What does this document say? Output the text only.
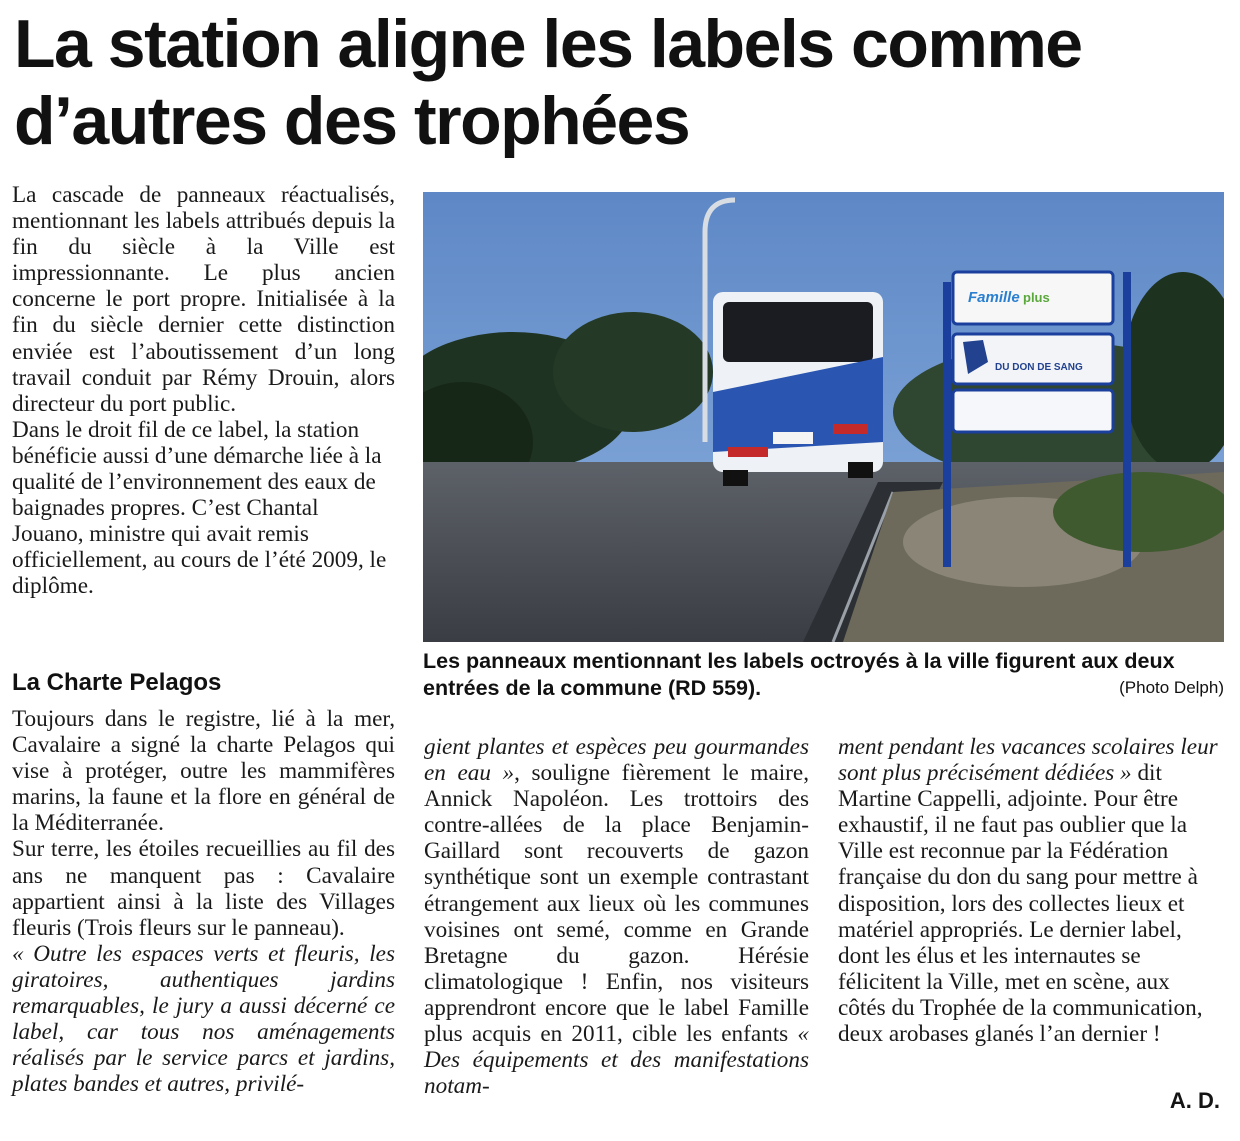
La station aligne les labels comme
d’autres des trophées

La cascade de panneaux réactualisés, mentionnant les labels attribués depuis la fin du siècle à la Ville est impressionnante. Le plus ancien concerne le port propre. Initialisée à la fin du siècle dernier cette distinction enviée est l’aboutissement d’un long travail conduit par Rémy Drouin, alors directeur du port public.

Dans le droit fil de ce label, la station bénéficie aussi d’une démarche liée à la qualité de l’environnement des eaux de baignades propres. C’est Chantal Jouano, ministre qui avait remis officiellement, au cours de l’été 2009, le diplôme.

Famille plus
DU DON DE SANG
Les panneaux mentionnant les labels octroyés à la ville figurent aux deux entrées de la commune (RD 559).	(Photo Delph)
La Charte Pelagos

Toujours dans le registre, lié à la mer, Cavalaire a signé la charte Pelagos qui vise à protéger, outre les mammifères marins, la faune et la flore en général de la Méditerranée.

Sur terre, les étoiles recueillies au fil des ans ne manquent pas : Cavalaire appartient ainsi à la liste des Villages fleuris (Trois fleurs sur le panneau).

« Outre les espaces verts et fleuris, les giratoires, authentiques jardins remarquables, le jury a aussi décerné ce label, car tous nos aménagements réalisés par le service parcs et jardins, plates bandes et autres, privilé-

gient plantes et espèces peu gourmandes en eau », souligne fièrement le maire, Annick Napoléon. Les trottoirs des contre-allées de la place Benjamin-Gaillard sont recouverts de gazon synthétique sont un exemple contrastant étrangement aux lieux où les communes voisines ont semé, comme en Grande Bretagne du gazon. Hérésie climatologique ! Enfin, nos visiteurs apprendront encore que le label Famille plus acquis en 2011, cible les enfants « Des équipements et des manifestations notam-

ment pendant les vacances scolaires leur sont plus précisément dédiées » dit Martine Cappelli, adjointe. Pour être exhaustif, il ne faut pas oublier que la Ville est reconnue par la Fédération française du don du sang pour mettre à disposition, lors des collectes lieux et matériel appropriés. Le dernier label, dont les élus et les internautes se félicitent la Ville, met en scène, aux côtés du Trophée de la communication, deux arobases glanés l’an dernier !

A. D.
